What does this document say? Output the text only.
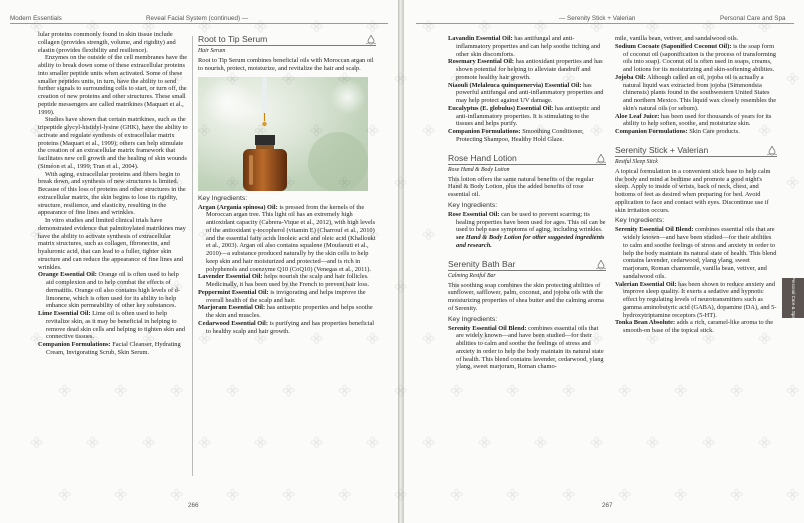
Modern Essentials	Reveal Facial System (continued) —

lular proteins commonly found in skin tissue include collagen (provides strength, volume, and rigidity) and elastin (provides flexibility and resilience).

Enzymes on the outside of the cell membranes have the ability to break down some of these extracellular proteins into smaller peptide units when activated. Some of these smaller peptides units, in turn, have the ability to send further signals to surrounding cells to start, or turn off, the creation of new proteins and other structures. These small peptide messengers are called matrikines (Maquart et al., 1999).

Studies have shown that certain matrikines, such as the tripeptide glycyl-histidyl-lysine (GHK), have the ability to activate and regulate synthesis of extracellular matrix proteins (Maquart et al., 1999); others can help stimulate the creation of an extracellular matrix framework that facilitates new cell growth and the healing of skin wounds (Siméon et al., 1999; Tran et al., 2004).

With aging, extracellular proteins and fibers begin to break down, and synthesis of new structures is limited. Because of this loss of proteins and other structures in the extracellular matrix, the skin begins to lose its rigidity, structure, resilience, and elasticity, resulting in the appearance of fine lines and wrinkles.

In vitro studies and limited clinical trials have demonstrated evidence that palmitoylated matrikines may have the ability to activate synthesis of extracellular matrix structures, such as collagen, fibronectin, and hyaluronic acid, that can lead to a fuller, tighter skin structure and can reduce the appearance of fine lines and wrinkles.

Orange Essential Oil: Orange oil is often used to help aid complexion and to help combat the effects of dermatitis. Orange oil also contains high levels of d-limonene, which is often used for its ability to help enhance skin permeability of other key substances.

Lime Essential Oil: Lime oil is often used to help revitalize skin, as it may be beneficial in helping to remove dead skin cells and helping to tighten skin and connective tissues.

Companion Formulations: Facial Cleanser, Hydrating Cream, Invigorating Scrub, Skin Serum.

Root to Tip Serum
Hair Serum

Root to Tip Serum combines beneficial oils with Moroccan argan oil to nourish, protect, moisturize, and revitalize the hair and scalp.

Key Ingredients:

Argan (Argania spinosa) Oil: is pressed from the kernels of the Moroccan argan tree. This light oil has an extremely high antioxidant capacity (Cabrera-Vique et al., 2012), with high levels of the antioxidant γ-tocopherol (vitamin E) (Charrouf et al., 2010) and the essential fatty acids linoleic acid and oleic acid (Khallouki et al., 2003). Argan oil also contains squalene (Moufaouti et al., 2010)—a substance produced naturally by the skin cells to help keep skin and hair moisturized and protected—and is rich in polyphenols and coenzyme Q10 (CoQ10) (Venegas et al., 2011).

Lavender Essential Oil: helps nourish the scalp and hair follicles. Medicinally, it has been used by the French to prevent hair loss.

Peppermint Essential Oil: is invigorating and helps improve the overall health of the scalp and hair.

Marjoram Essential Oil: has antiseptic properties and helps soothe the skin and muscles.

Cedarwood Essential Oil: is purifying and has properties beneficial to healthy scalp and hair growth.

266
— Serenity Stick + Valerian	Personal Care and Spa

Lavandin Essential Oil: has antifungal and anti-inflammatory properties and can help soothe itching and other skin discomforts.

Rosemary Essential Oil: has antioxidant properties and has shown potential for helping to alleviate dandruff and promote healthy hair growth.

Niaouli (Melaleuca quinquenervia) Essential Oil: has powerful antifungal and anti-inflammatory properties and may help protect against UV damage.

Eucalyptus (E. globulus) Essential Oil: has antiseptic and anti-inflammatory properties. It is stimulating to the tissues and helps purify.

Companion Formulations: Smoothing Conditioner, Protecting Shampoo, Healthy Hold Glaze.

Rose Hand Lotion
Rose Hand & Body Lotion

This lotion offers the same natural benefits of the regular Hand & Body Lotion, plus the added benefits of rose essential oil.

Key Ingredients:

Rose Essential Oil: can be used to prevent scarring; its healing properties have been used for ages. This oil can be used to help ease symptoms of aging, including wrinkles.

see Hand & Body Lotion for other suggested ingredients and research.

Serenity Bath Bar
Calming Restful Bar

This soothing soap combines the skin protecting abilities of sunflower, safflower, palm, coconut, and jojoba oils with the moisturizing properties of shea butter and the calming aroma of Serenity.

Key Ingredients:

Serenity Essential Oil Blend: combines essential oils that are widely known—and have been studied—for their abilities to calm and soothe the feelings of stress and anxiety in order to help the body maintain its natural state of health. This blend contains lavender, cedarwood, ylang ylang, sweet marjoram, Roman chamo-

mile, vanilla bean, vetiver, and sandalwood oils.

Sodium Cocoate (Saponified Coconut Oil): is the soap form of coconut oil (saponification is the process of transforming oils into soap). Coconut oil is often used in soaps, creams, and lotions for its moisturizing and skin-softening abilities.

Jojoba Oil: Although called an oil, jojoba oil is actually a natural liquid wax extracted from jojoba (Simmondsia chinensis) plants found in the southwestern United States and northern Mexico. This liquid wax closely resembles the skin's natural oils (or sebum).

Aloe Leaf Juice: has been used for thousands of years for its ability to help soften, soothe, and moisturize skin.

Companion Formulations: Skin Care products.

Serenity Stick + Valerian
Restful Sleep Stick

A topical formulation in a convenient stick base to help calm the body and mind at bedtime and promote a good night's sleep. Apply to inside of wrists, back of neck, chest, and bottoms of feet as desired when preparing for bed. Avoid application to face and contact with eyes. Discontinue use if skin irritation occurs.

Key Ingredients:

Serenity Essential Oil Blend: combines essential oils that are widely known—and have been studied—for their abilities to calm and soothe feelings of stress and anxiety in order to help the body maintain its natural state of health. This blend contains lavender, cedarwood, ylang ylang, sweet marjoram, Roman chamomile, vanilla bean, vetiver, and sandalwood oils.

Valerian Essential Oil: has been shown to reduce anxiety and improve sleep quality. It exerts a sedative and hypnotic effect by regulating levels of neurotransmitters such as gamma aminobutyric acid (GABA), dopamine (DA), and 5-hydroxytriptamine receptors (5-HT).

Tonka Bean Absolute: adds a rich, caramel-like aroma to the smooth-on base of the topical stick.

Personal Care & Spa
267
